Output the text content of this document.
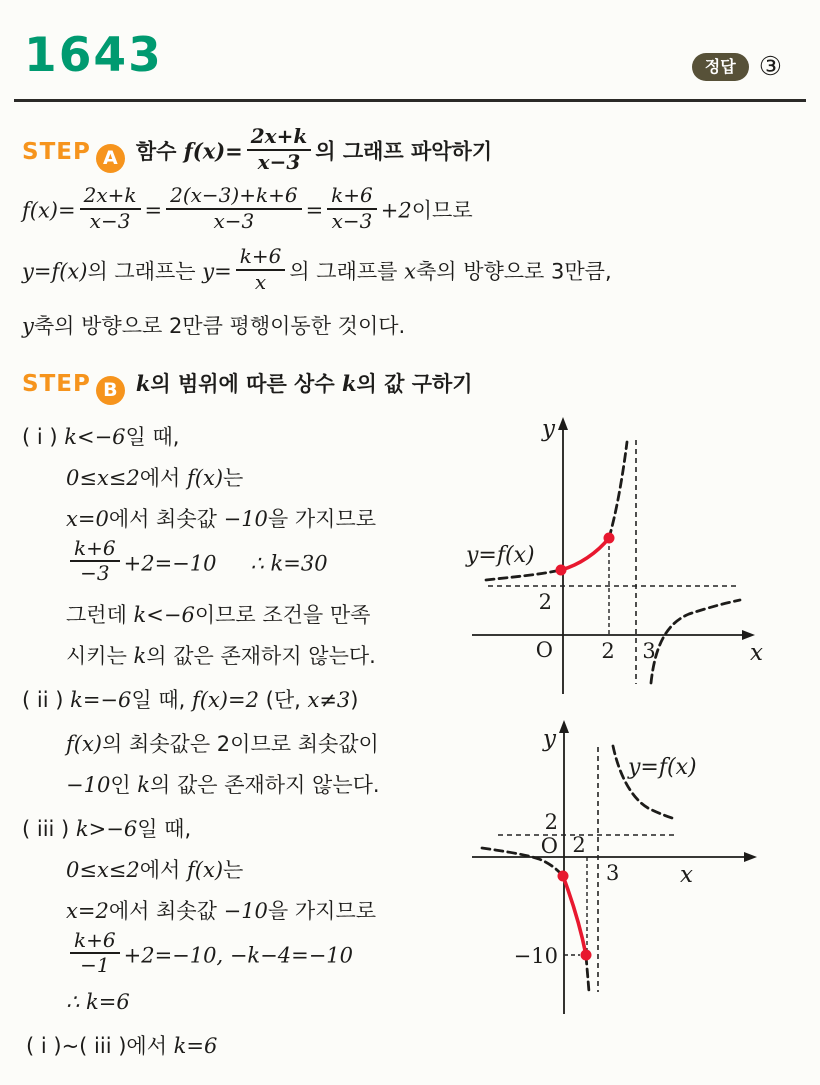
1643	정답 ③
STEP A 함수 $f(x)= \frac{2x+k}{x-3}$ 의 그래프 파악하기
$f(x)= \frac{2x+k}{x-3} = \frac{2(x-3)+k+6}{x-3} = \frac{k+6}{x-3} +2$이므로
y=f(x)의 그래프는 $y= \frac{k+6}{x}$ 의 그래프를 x축의 방향으로 3만큼,
y축의 방향으로 2만큼 평행이동한 것이다.
STEP B k의 범위에 따른 상수 k의 값 구하기
( i ) k<−6일 때,
0≤x≤2에서 f(x)는
x=0에서 최솟값 −10을 가지므로
$\frac{k+6}{-3} +2=-10$ ∴ k=30
그런데 k<−6이므로 조건을 만족
시키는 k의 값은 존재하지 않는다.
( ii ) k=−6일 때, f(x)=2 (단, x≠3)
f(x)의 최솟값은 2이므로 최솟값이
−10인 k의 값은 존재하지 않는다.
( iii ) k>−6일 때,
0≤x≤2에서 f(x)는
x=2에서 최솟값 −10을 가지므로
$\frac{k+6}{-1} +2=-10$, −k−4=−10
∴ k=6
( i )~( iii )에서 k=6
y
x
O 2 3
2
y=f(x)
y
x
O
2
2
3
−10
y=f(x)
